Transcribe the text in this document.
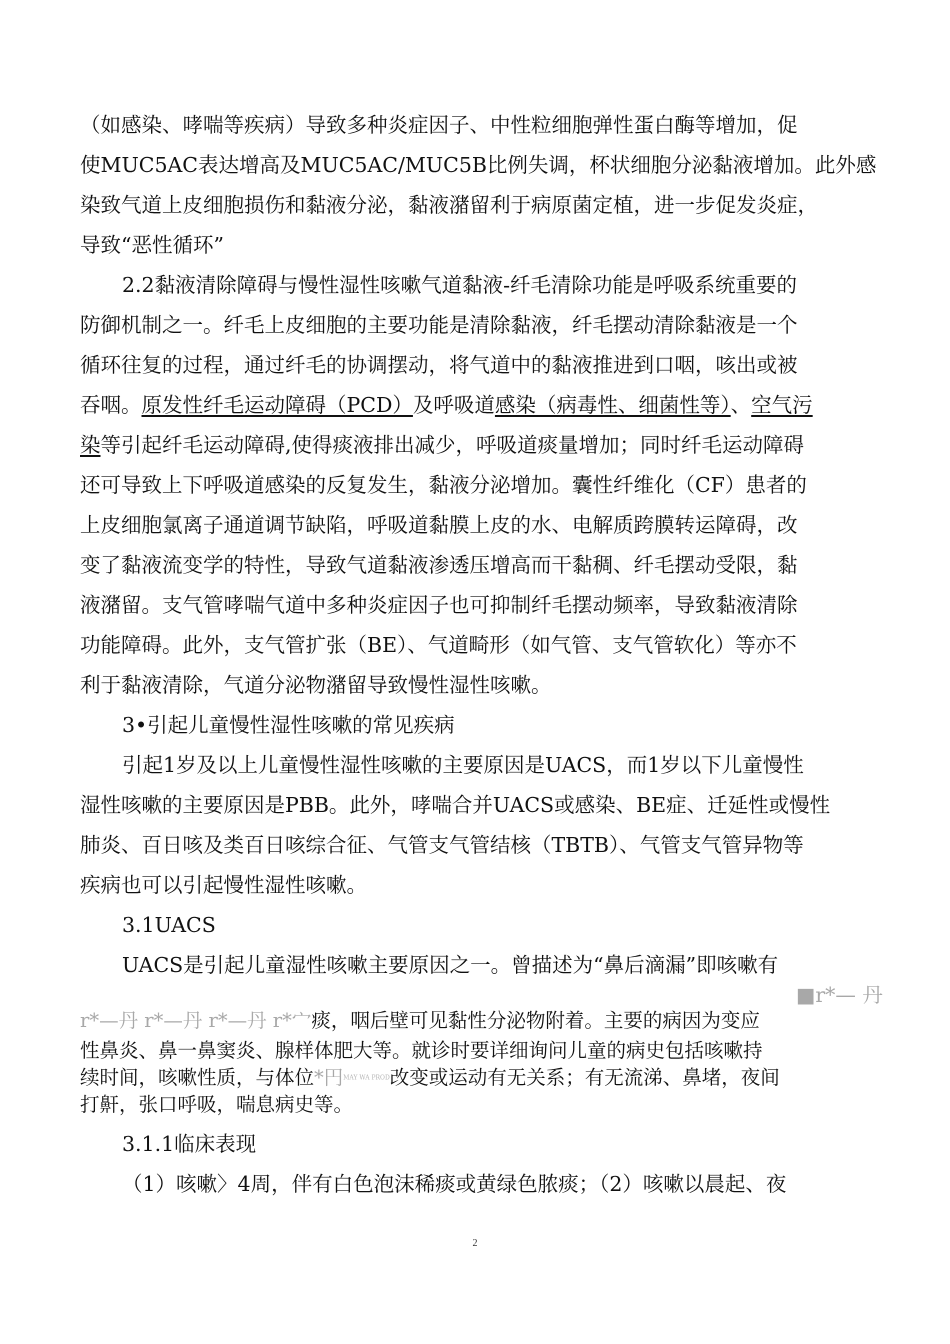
（如感染、哮喘等疾病）导致多种炎症因子、中性粒细胞弹性蛋白酶等增加，促
使MUC5AC表达增高及MUC5AC/MUC5B比例失调，杯状细胞分泌黏液增加。此外感
染致气道上皮细胞损伤和黏液分泌，黏液潴留利于病原菌定植，进一步促发炎症，
导致“恶性循环”
2.2黏液清除障碍与慢性湿性咳嗽气道黏液-纤毛清除功能是呼吸系统重要的
防御机制之一。纤毛上皮细胞的主要功能是清除黏液，纤毛摆动清除黏液是一个
循环往复的过程，通过纤毛的协调摆动，将气道中的黏液推进到口咽，咳出或被
吞咽。原发性纤毛运动障碍（PCD）及呼吸道感染（病毒性、细菌性等）、空气污
染等引起纤毛运动障碍,使得痰液排出减少，呼吸道痰量增加；同时纤毛运动障碍
还可导致上下呼吸道感染的反复发生，黏液分泌增加。囊性纤维化（CF）患者的
上皮细胞氯离子通道调节缺陷，呼吸道黏膜上皮的水、电解质跨膜转运障碍，改
变了黏液流变学的特性，导致气道黏液渗透压增高而干黏稠、纤毛摆动受限，黏
液潴留。支气管哮喘气道中多种炎症因子也可抑制纤毛摆动频率，导致黏液清除
功能障碍。此外，支气管扩张（BE）、气道畸形（如气管、支气管软化）等亦不
利于黏液清除，气道分泌物潴留导致慢性湿性咳嗽。
3•引起儿童慢性湿性咳嗽的常见疾病
引起1岁及以上儿童慢性湿性咳嗽的主要原因是UACS，而1岁以下儿童慢性
湿性咳嗽的主要原因是PBB。此外，哮喘合并UACS或感染、BE症、迁延性或慢性
肺炎、百日咳及类百日咳综合征、气管支气管结核（TBTB）、气管支气管异物等
疾病也可以引起慢性湿性咳嗽。
3.1UACS
UACS是引起儿童湿性咳嗽主要原因之一。曾描述为“鼻后滴漏”即咳嗽有
■r*— 丹
r*—丹 r*—丹 r*—丹 r*宀痰，咽后壁可见黏性分泌物附着。主要的病因为变应
性鼻炎、鼻一鼻窦炎、腺样体肥大等。就诊时要详细询问儿童的病史包括咳嗽持
续时间，咳嗽性质，与体位*円MAY WA PROD改变或运动有无关系；有无流涕、鼻堵，夜间
打鼾，张口呼吸，喘息病史等。
3.1.1临床表现
（1）咳嗽〉4周，伴有白色泡沫稀痰或黄绿色脓痰；（2）咳嗽以晨起、夜
2
